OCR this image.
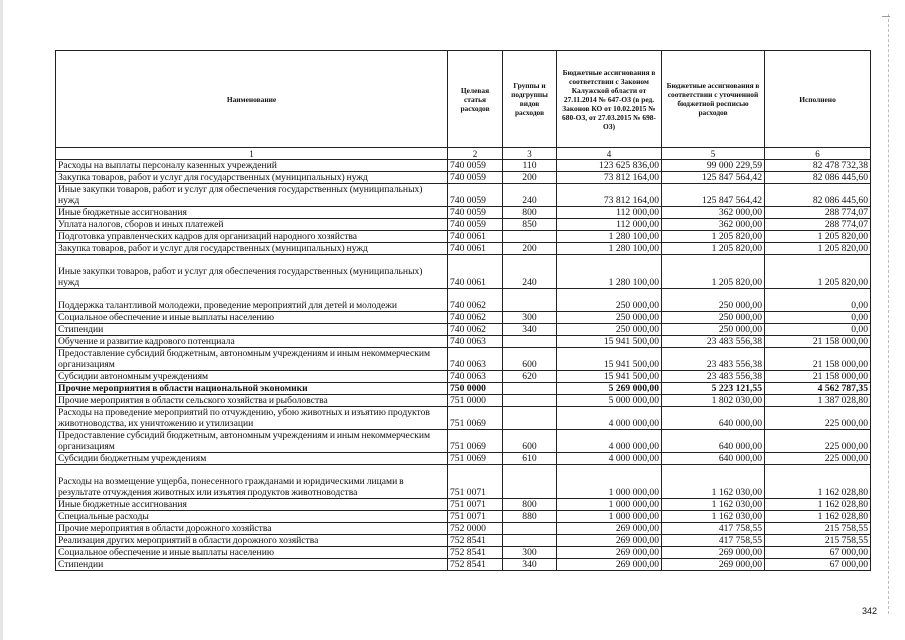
Наименование	Целевая статья расходов	Группы и подгруппы видов расходов	Бюджетные ассигнования в соответствии с Законом Калужской области от 27.11.2014 № 647-ОЗ (в ред. Законов КО от 10.02.2015 № 680-ОЗ, от 27.03.2015 № 698-ОЗ)	Бюджетные ассигнования в соответствии с уточненной бюджетной росписью расходов	Исполнено
1	2	3	4	5	6
Расходы на выплаты персоналу казенных учреждений	740 0059	110	123 625 836,00	99 000 229,59	82 478 732,38
Закупка товаров, работ и услуг для государственных (муниципальных) нужд	740 0059	200	73 812 164,00	125 847 564,42	82 086 445,60
Иные закупки товаров, работ и услуг для обеспечения государственных (муниципальных) нужд	740 0059	240	73 812 164,00	125 847 564,42	82 086 445,60
Иные бюджетные ассигнования	740 0059	800	112 000,00	362 000,00	288 774,07
Уплата налогов, сборов и иных платежей	740 0059	850	112 000,00	362 000,00	288 774,07
Подготовка управленческих кадров для организаций народного хозяйства	740 0061		1 280 100,00	1 205 820,00	1 205 820,00
Закупка товаров, работ и услуг для государственных (муниципальных) нужд	740 0061	200	1 280 100,00	1 205 820,00	1 205 820,00
Иные закупки товаров, работ и услуг для обеспечения государственных (муниципальных) нужд	740 0061	240	1 280 100,00	1 205 820,00	1 205 820,00
Поддержка талантливой молодежи, проведение мероприятий для детей и молодежи	740 0062		250 000,00	250 000,00	0,00
Социальное обеспечение и иные выплаты населению	740 0062	300	250 000,00	250 000,00	0,00
Стипендии	740 0062	340	250 000,00	250 000,00	0,00
Обучение и развитие кадрового потенциала	740 0063		15 941 500,00	23 483 556,38	21 158 000,00
Предоставление субсидий бюджетным, автономным учреждениям и иным некоммерческим организациям	740 0063	600	15 941 500,00	23 483 556,38	21 158 000,00
Субсидии автономным учреждениям	740 0063	620	15 941 500,00	23 483 556,38	21 158 000,00
Прочие мероприятия в области национальной экономики	750 0000		5 269 000,00	5 223 121,55	4 562 787,35
Прочие мероприятия в области сельского хозяйства и рыболовства	751 0000		5 000 000,00	1 802 030,00	1 387 028,80
Расходы на проведение мероприятий по отчуждению, убою животных и изъятию продуктов животноводства, их уничтожению и утилизации	751 0069		4 000 000,00	640 000,00	225 000,00
Предоставление субсидий бюджетным, автономным учреждениям и иным некоммерческим организациям	751 0069	600	4 000 000,00	640 000,00	225 000,00
Субсидии бюджетным учреждениям	751 0069	610	4 000 000,00	640 000,00	225 000,00
Расходы на возмещение ущерба, понесенного гражданами и юридическими лицами в результате отчуждения животных или изъятия продуктов животноводства	751 0071		1 000 000,00	1 162 030,00	1 162 028,80
Иные бюджетные ассигнования	751 0071	800	1 000 000,00	1 162 030,00	1 162 028,80
Специальные расходы	751 0071	880	1 000 000,00	1 162 030,00	1 162 028,80
Прочие мероприятия в области дорожного хозяйства	752 0000		269 000,00	417 758,55	215 758,55
Реализация других мероприятий в области дорожного хозяйства	752 8541		269 000,00	417 758,55	215 758,55
Социальное обеспечение и иные выплаты населению	752 8541	300	269 000,00	269 000,00	67 000,00
Стипендии	752 8541	340	269 000,00	269 000,00	67 000,00
342
